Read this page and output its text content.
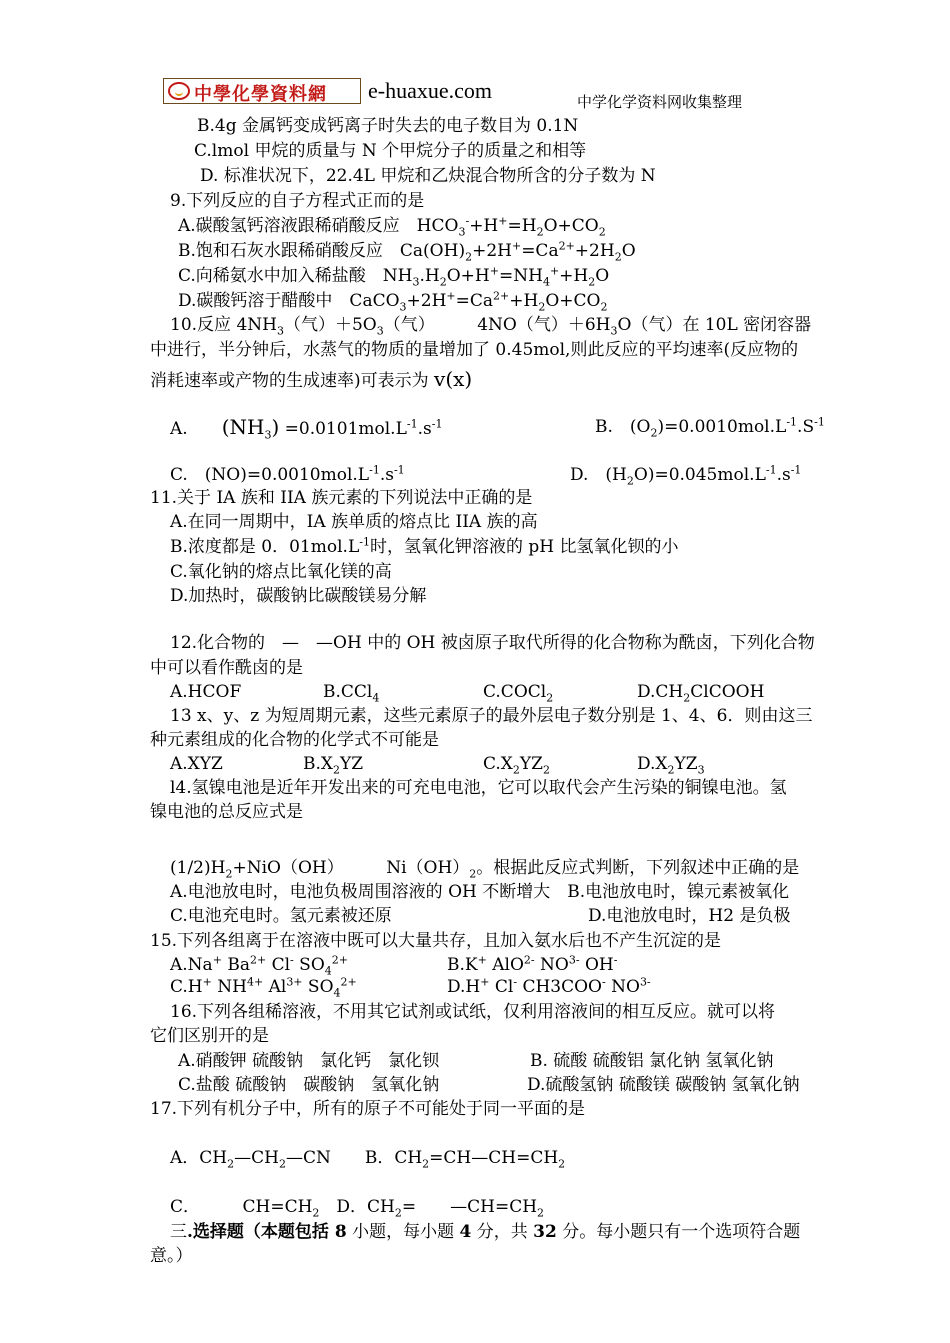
中學化學資料網 e-huaxue.com	中学化学资料网收集整理
B.4g 金属钙变成钙离子时失去的电子数目为 0.1N
C.lmol 甲烷的质量与 N 个甲烷分子的质量之和相等
D. 标准状况下，22.4L 甲烷和乙炔混合物所含的分子数为 N
9.下列反应的自子方程式正而的是
A.碳酸氢钙溶液跟稀硝酸反应　$HCO_3^-+H^+=H_2O+CO_2$
B.饱和石灰水跟稀硝酸反应　$Ca(OH)_2+2H^+=Ca^{2+}+2H_2O$
C.向稀氨水中加入稀盐酸　$NH_3.H_2O+H^+=NH_4^++H_2O$
D.碳酸钙溶于醋酸中　$CaCO_3+2H^+=Ca^{2+}+H_2O+CO_2$
10.反应 $4NH_3$（气）$+5O_3$（气）　　　4NO（气）$+6H_3O$（气）在 10L 密闭容器
中进行，半分钟后，水蒸气的物质的量增加了 0.45mol,则此反应的平均速率(反应物的
消耗速率或产物的生成速率)可表示为 v(x)
A.　　$(NH_3) =0.0101mol.L^{-1}.s^{-1}$	B.　$(O_2)=0.0010mol.L^{-1}.S^{-1}$
C.　$(NO)=0.0010mol.L^{-1}.s^{-1}$	D.　$(H_2O)=0.045mol.L^{-1}.s^{-1}$
11.关于 IA 族和 IIA 族元素的下列说法中正确的是
A.在同一周期中，IA 族单质的熔点比 IIA 族的高
B.浓度都是 0．$01mol.L^{-1}$时，氢氧化钾溶液的 pH 比氢氧化钡的小
C.氧化钠的熔点比氧化镁的高
D.加热时，碳酸钠比碳酸镁易分解
12.化合物的　—　—OH 中的 OH 被卤原子取代所得的化合物称为酰卤，下列化合物
中可以看作酰卤的是
A.HCOF	B.CCl$_4$	C.COCl$_2$	$D.CH_2ClCOOH$
13 x、y、z 为短周期元素，这些元素原子的最外层电子数分别是 1、4、6．则由这三
种元素组成的化合物的化学式不可能是
A.XYZ	$B.X_2YZ$	$C.X_2YZ_2$	$D.X_2YZ_3$
l4.氢镍电池是近年开发出来的可充电电池，它可以取代会产生污染的铜镍电池。氢
镍电池的总反应式是
$(1/2)H_2+NiO(OH)$　　　$Ni(OH)_2$。根据此反应式判断，下列叙述中正确的是
A.电池放电时，电池负极周围溶液的 OH 不断增大　B.电池放电时，镍元素被氧化
C.电池充电时。氢元素被还原	D.电池放电时，H2 是负极
15.下列各组离于在溶液中既可以大量共存，且加入氨水后也不产生沉淀的是
A.Na+ $Ba^{2+}$ Cl- $SO_4^{2+}$	B.K+ AlO$^{2-}$ $NO^{3-}$ OH-
C.H+ $NH^{4+}$ $Al^{3+}$ $SO_4^{2+}$	D.H+ Cl- CH3COO- $NO^{3-}$
16.下列各组稀溶液，不用其它试剂或试纸，仅利用溶液间的相互反应。就可以将
它们区别开的是
A.硝酸钾 硫酸钠　氯化钙　氯化钡	B. 硫酸 硫酸铝 氯化钠 氢氧化钠
C.盐酸 硫酸钠　碳酸钠　氢氧化钠	D.硫酸氢钠 硫酸镁 碳酸钠 氢氧化钠
17.下列有机分子中，所有的原子不可能处于同一平面的是
A．$CH_2—CH_2—CN$　　B．$CH_2=CH—CH=CH_2$
C．　　　$CH=CH_2$　D．$CH_2=$　　$—CH=CH_2$
三.选择题（本题包括 8 小题，每小题 4 分，共 32 分。每小题只有一个选项符合题
意。）
